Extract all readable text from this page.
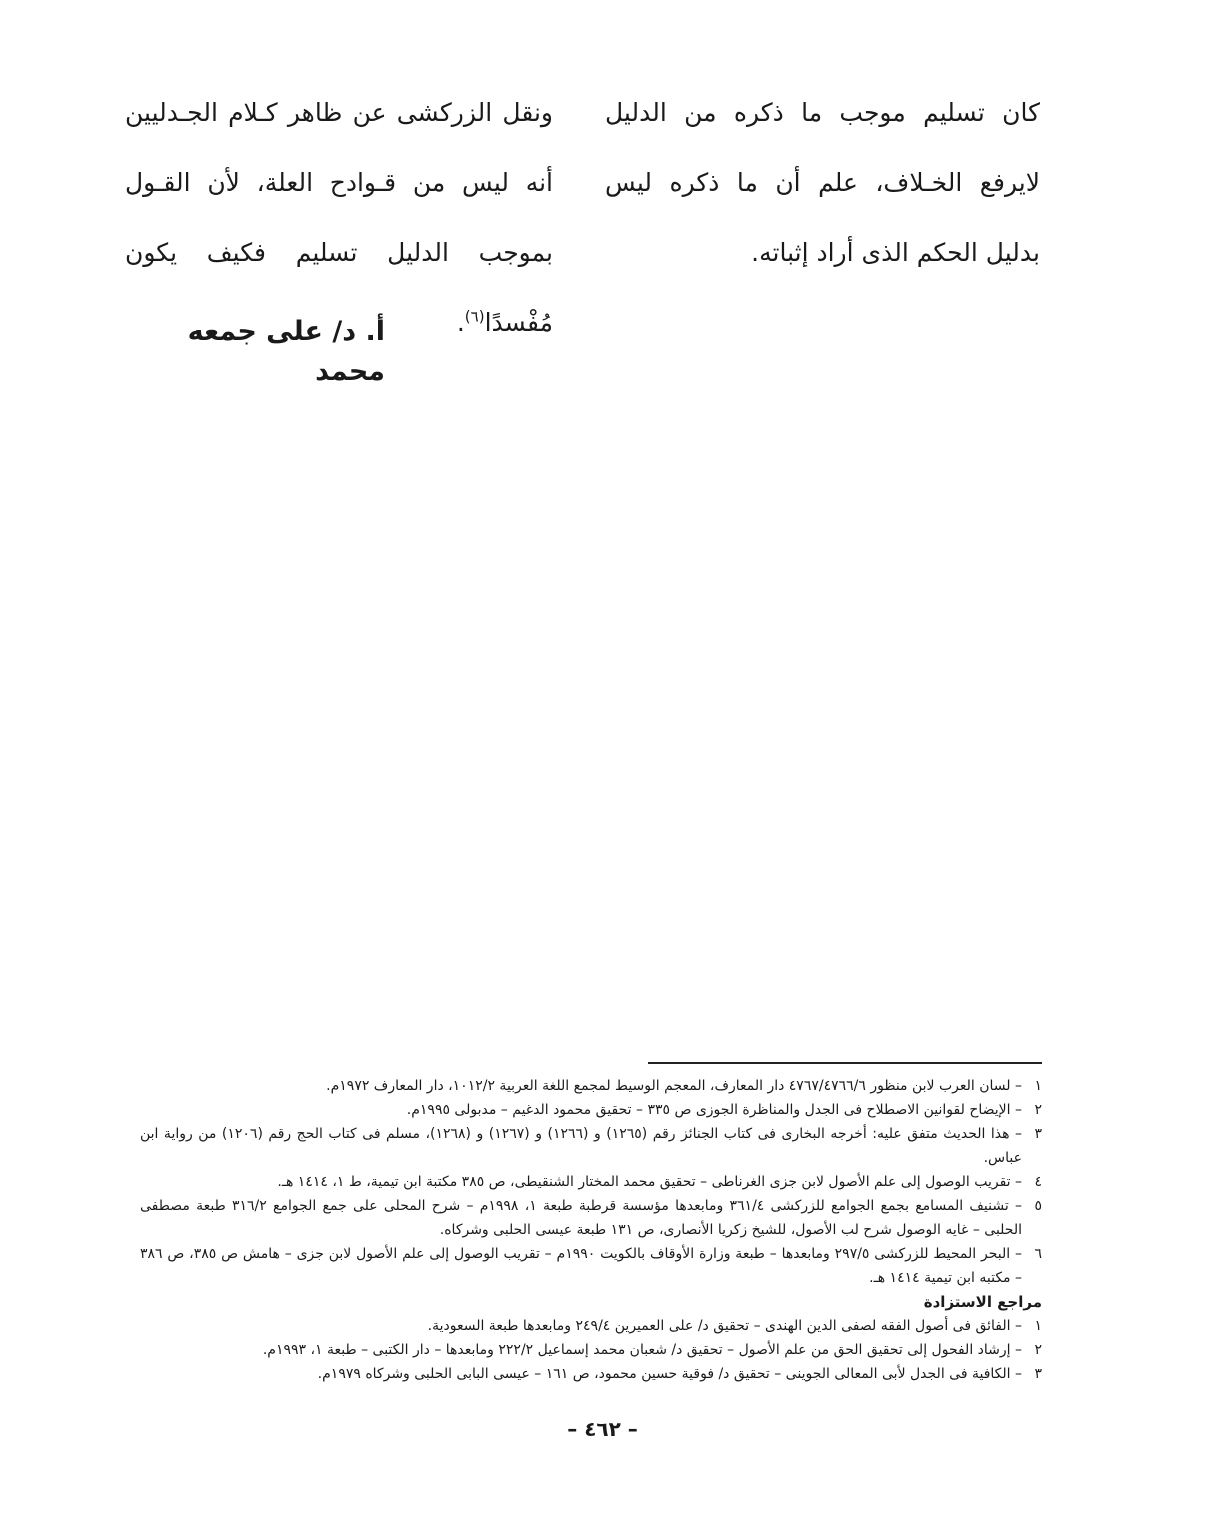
كان تسليم موجب ما ذكره من الدليل لايرفع الخـلاف، علم أن ما ذكره ليس بدليل الحكم الذى أراد إثباته.

ونقل الزركشى عن ظاهر كـلام الجـدليين أنه ليس من قـوادح العلة، لأن القـول بموجب الدليل تسليم فكيف يكون مُفْسدًا$^{(٦)}$.

أ. د/ على جمعه محمد
١
– لسان العرب لابن منظور ٤٧٦٧/٤٧٦٦/٦ دار المعارف، المعجم الوسيط لمجمع اللغة العربية ١٠١٢/٢، دار المعارف ١٩٧٢م.
٢
– الإيضاح لقوانين الاصطلاح فى الجدل والمناظرة الجوزى ص ٣٣٥ – تحقيق محمود الدغيم – مدبولى ١٩٩٥م.
٣
– هذا الحديث متفق عليه: أخرجه البخارى فى كتاب الجنائز رقم (١٢٦٥) و (١٢٦٦) و (١٢٦٧) و (١٢٦٨)، مسلم فى كتاب الحج رقم (١٢٠٦) من رواية ابن عباس.
٤
– تقريب الوصول إلى علم الأصول لابن جزى الغرناطى – تحقيق محمد المختار الشنقيطى، ص ٣٨٥ مكتبة ابن تيمية، ط ١، ١٤١٤ هـ.
٥
– تشنيف المسامع بجمع الجوامع للزركشى ٣٦١/٤ ومابعدها مؤسسة قرطبة طبعة ١، ١٩٩٨م – شرح المحلى على جمع الجوامع ٣١٦/٢ طبعة مصطفى الحلبى – غايه الوصول شرح لب الأصول، للشيخ زكريا الأنصارى، ص ١٣١ طبعة عيسى الحلبى وشركاه.
٦
– البحر المحيط للزركشى ٢٩٧/٥ ومابعدها – طبعة وزارة الأوقاف بالكويت ١٩٩٠م – تقريب الوصول إلى علم الأصول لابن جزى – هامش ص ٣٨٥، ص ٣٨٦ – مكتبه ابن تيمية ١٤١٤ هـ.
مراجع الاستزادة
١
– الفائق فى أصول الفقه لصفى الدين الهندى – تحقيق د/ على العميرين ٢٤٩/٤ ومابعدها طبعة السعودية.
٢
– إرشاد الفحول إلى تحقيق الحق من علم الأصول – تحقيق د/ شعبان محمد إسماعيل ٢٢٢/٢ ومابعدها – دار الكتبى – طبعة ١، ١٩٩٣م.
٣
– الكافية فى الجدل لأبى المعالى الجوينى – تحقيق د/ فوقية حسين محمود، ص ١٦١ – عيسى البابى الحلبى وشركاه ١٩٧٩م.
– ٤٦٢ –
